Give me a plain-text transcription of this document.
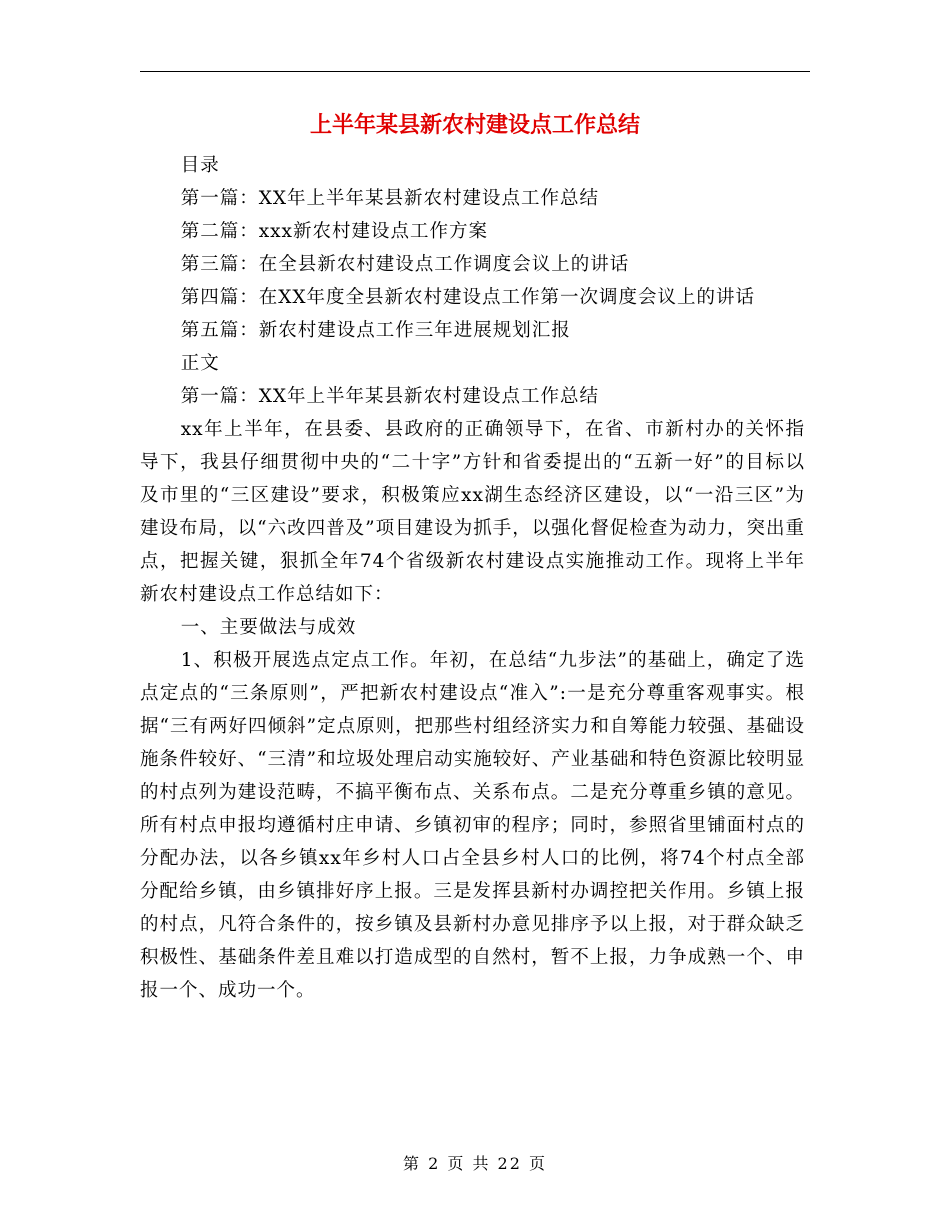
上半年某县新农村建设点工作总结

目录

第一篇：XX年上半年某县新农村建设点工作总结

第二篇：xxx新农村建设点工作方案

第三篇：在全县新农村建设点工作调度会议上的讲话

第四篇：在XX年度全县新农村建设点工作第一次调度会议上的讲话

第五篇：新农村建设点工作三年进展规划汇报

正文

第一篇：XX年上半年某县新农村建设点工作总结

xx年上半年，在县委、县政府的正确领导下，在省、市新村办的关怀指导下，我县仔细贯彻中央的“二十字”方针和省委提出的“五新一好”的目标以及市里的“三区建设”要求，积极策应xx湖生态经济区建设，以“一沿三区”为建设布局，以“六改四普及”项目建设为抓手，以强化督促检查为动力，突出重点，把握关键，狠抓全年74个省级新农村建设点实施推动工作。现将上半年新农村建设点工作总结如下：

一、主要做法与成效

1、积极开展选点定点工作。年初，在总结“九步法”的基础上，确定了选点定点的“三条原则”，严把新农村建设点“准入”:一是充分尊重客观事实。根据“三有两好四倾斜”定点原则，把那些村组经济实力和自筹能力较强、基础设施条件较好、“三清”和垃圾处理启动实施较好、产业基础和特色资源比较明显的村点列为建设范畴，不搞平衡布点、关系布点。二是充分尊重乡镇的意见。所有村点申报均遵循村庄申请、乡镇初审的程序；同时，参照省里铺面村点的分配办法，以各乡镇xx年乡村人口占全县乡村人口的比例，将74个村点全部分配给乡镇，由乡镇排好序上报。三是发挥县新村办调控把关作用。乡镇上报的村点，凡符合条件的，按乡镇及县新村办意见排序予以上报，对于群众缺乏积极性、基础条件差且难以打造成型的自然村，暂不上报，力争成熟一个、申报一个、成功一个。

第 2 页 共 22 页
